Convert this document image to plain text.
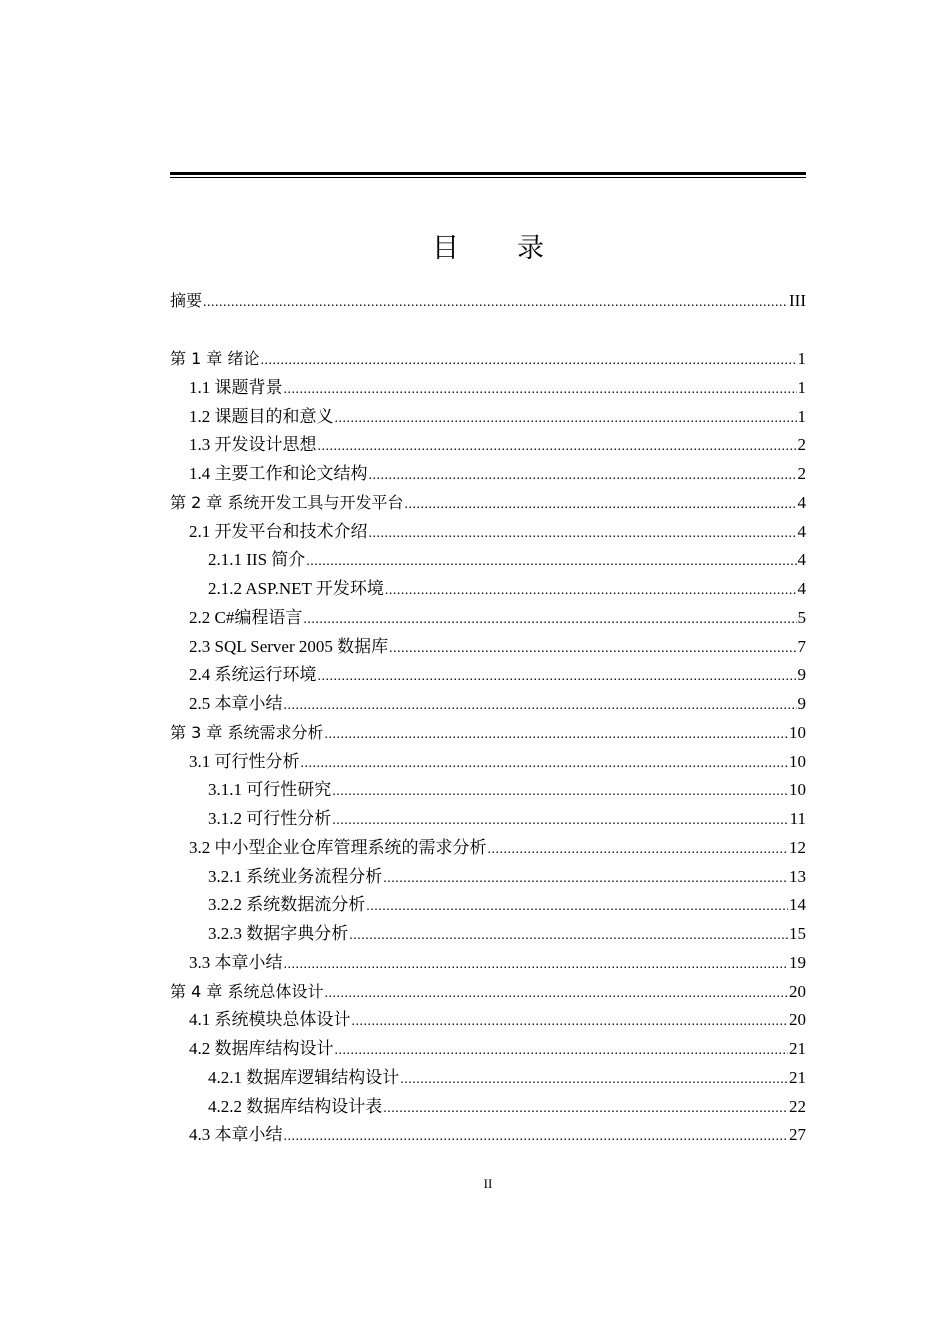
目录
摘要 .....	III
第 1 章 绪论 .....	1
1.1 课题背景 .....	1
1.2 课题目的和意义 .....	1
1.3 开发设计思想 .....	2
1.4 主要工作和论文结构 .....	2
第 2 章 系统开发工具与开发平台 .....	4
2.1 开发平台和技术介绍 .....	4
2.1.1 IIS 简介 .....	4
2.1.2 ASP.NET 开发环境 .....	4
2.2 C#编程语言 .....	5
2.3 SQL Server 2005 数据库 .....	7
2.4 系统运行环境 .....	9
2.5 本章小结 .....	9
第 3 章 系统需求分析 .....	10
3.1 可行性分析 .....	10
3.1.1 可行性研究 .....	10
3.1.2 可行性分析 .....	11
3.2 中小型企业仓库管理系统的需求分析 .....	12
3.2.1 系统业务流程分析 .....	13
3.2.2 系统数据流分析 .....	14
3.2.3 数据字典分析 .....	15
3.3 本章小结 .....	19
第 4 章 系统总体设计 .....	20
4.1 系统模块总体设计 .....	20
4.2 数据库结构设计 .....	21
4.2.1 数据库逻辑结构设计 .....	21
4.2.2 数据库结构设计表 .....	22
4.3 本章小结 .....	27
II
